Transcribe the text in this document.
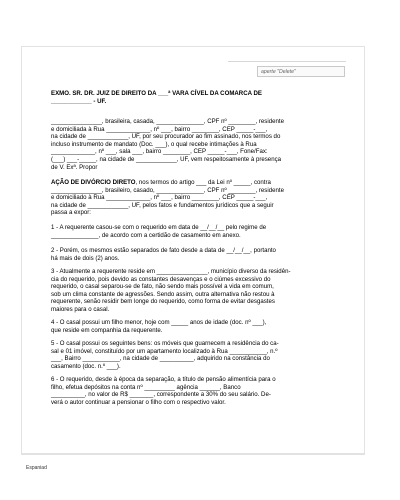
aperte "Delete"

EXMO. SR. DR. JUIZ DE DIREITO DA ___ª VARA CÍVEL DA COMARCA DE

____________ - UF.

_______________, brasileira, casada, ______________, CPF nº ________, residente

e domiciliada à Rua _____________, nº ___, bairro ________, CEP _____-___,

na cidade de ____________, UF, por seu procurador ao fim assinado, nos termos do

incluso instrumento de mandato (Doc. ___), o qual recebe intimações à Rua

_____________, nº ___, sala ___, bairro ________, CEP _____-___, Fone/Fax:

(___) ___-_____, na cidade de ____________, UF, vem respeitosamente à presença

de V. Exª. Propor

AÇÃO DE DIVÓRCIO DIRETO, nos termos do artigo ___ da Lei nº _____, contra

_______________, brasileiro, casado, ______________, CPF nº ________, residente

e domiciliado à Rua _____________, nº ___, bairro ________, CEP _____-___,

na cidade de ____________, UF, pelos fatos e fundamentos jurídicos que a seguir

passa a expor:

1 - A requerente casou-se com o requerido em data de __/__/__ pelo regime de

______________, de acordo com a certidão de casamento em anexo.

2 - Porém, os mesmos estão separados de fato desde a data de __/__/__, portanto

há mais de dois (2) anos.

3 - Atualmente a requerente reside em _______________, município diverso da residên-

cia do requerido, pois devido as constantes desavenças e o ciúmes excessivo do

requerido, o casal separou-se de fato, não sendo mais possível a vida em comum,

sob um clima constante de agressões. Sendo assim, outra alternativa não restou à

requerente, senão residir bem longe do requerido, como forma de evitar desgastes

maiores para o casal.

4 - O casal possui um filho menor, hoje com _____ anos de idade (doc. nº ___),

que reside em companhia da requerente.

5 - O casal possui os seguintes bens: os móveis que guarnecem a residência do ca-

sal e 01 imóvel, constituído por um apartamento localizado à Rua ___________, n.º

___, Bairro ___________, na cidade de __________, adquirido na constância do

casamento (doc. n.º ___).

6 - O requerido, desde à época da separação, a título de pensão alimentícia para o

filho, efetua depósitos na conta nº _________ agência ______, Banco

__________, no valor de R$ _______, correspondente a 30% do seu salário. De-

verá o autor continuar a pensionar o filho com o respectivo valor.

Espaniad
